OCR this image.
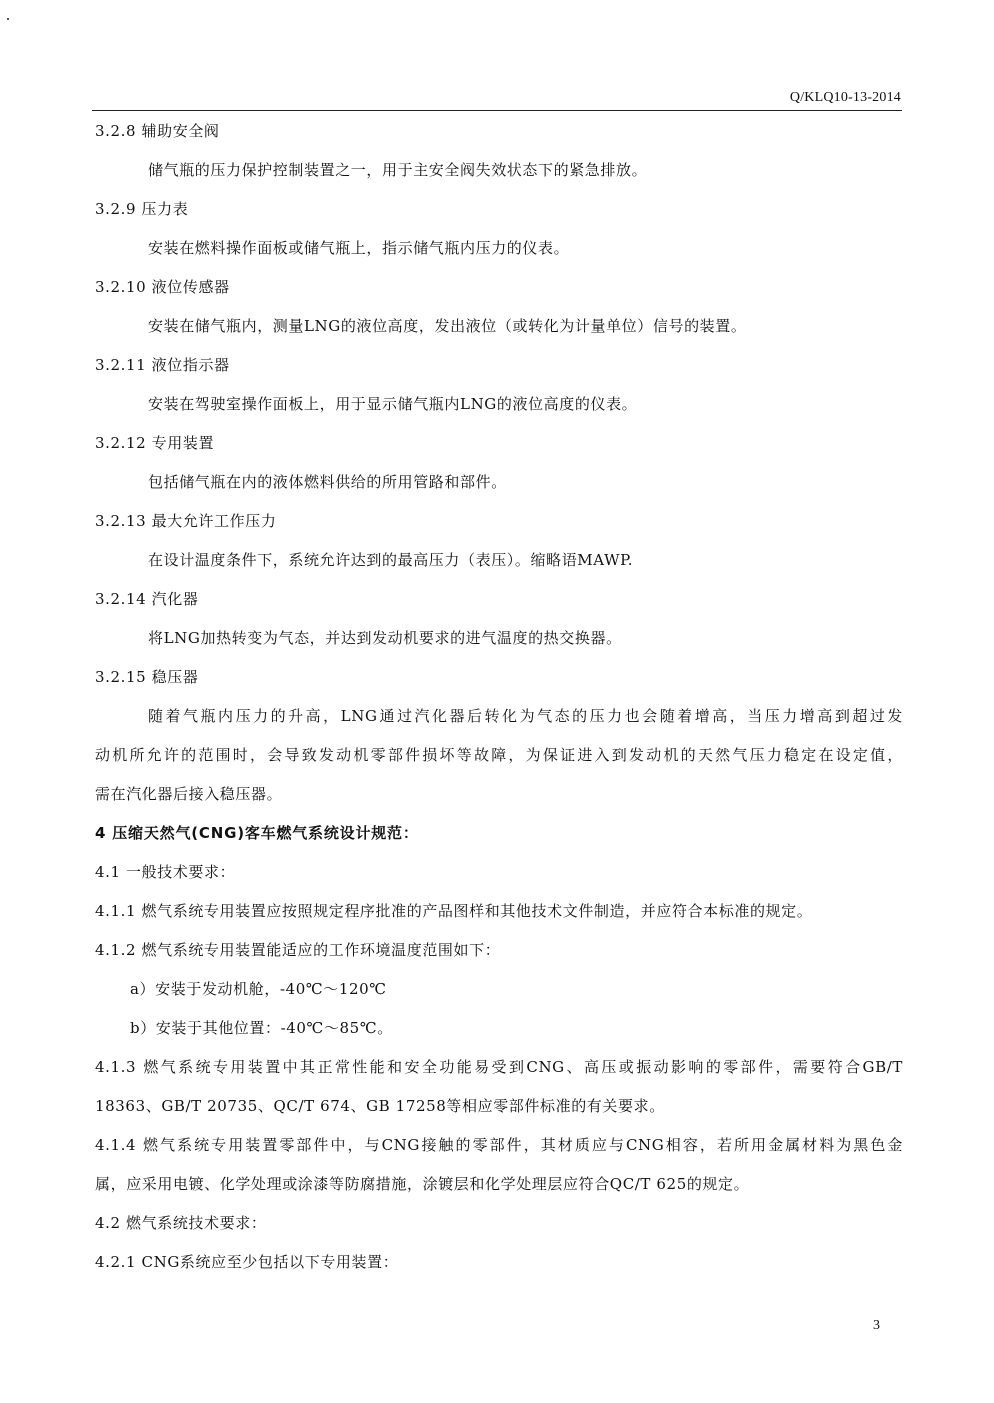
Q/KLQ10-13-2014
3.2.8 辅助安全阀
储气瓶的压力保护控制装置之一，用于主安全阀失效状态下的紧急排放。
3.2.9 压力表
安装在燃料操作面板或储气瓶上，指示储气瓶内压力的仪表。
3.2.10 液位传感器
安装在储气瓶内，测量LNG的液位高度，发出液位（或转化为计量单位）信号的装置。
3.2.11 液位指示器
安装在驾驶室操作面板上，用于显示储气瓶内LNG的液位高度的仪表。
3.2.12 专用装置
包括储气瓶在内的液体燃料供给的所用管路和部件。
3.2.13 最大允许工作压力
在设计温度条件下，系统允许达到的最高压力（表压）。缩略语MAWP.
3.2.14 汽化器
将LNG加热转变为气态，并达到发动机要求的进气温度的热交换器。
3.2.15 稳压器
随着气瓶内压力的升高，LNG通过汽化器后转化为气态的压力也会随着增高，当压力增高到超过发
动机所允许的范围时，会导致发动机零部件损坏等故障，为保证进入到发动机的天然气压力稳定在设定值，
需在汽化器后接入稳压器。
4 压缩天然气(CNG)客车燃气系统设计规范：
4.1 一般技术要求：
4.1.1 燃气系统专用装置应按照规定程序批准的产品图样和其他技术文件制造，并应符合本标准的规定。
4.1.2 燃气系统专用装置能适应的工作环境温度范围如下：
a）安装于发动机舱，-40℃～120℃
b）安装于其他位置：-40℃～85℃。
4.1.3 燃气系统专用装置中其正常性能和安全功能易受到CNG、高压或振动影响的零部件，需要符合GB/T
18363、GB/T 20735、QC/T 674、GB 17258等相应零部件标准的有关要求。
4.1.4 燃气系统专用装置零部件中，与CNG接触的零部件，其材质应与CNG相容，若所用金属材料为黑色金
属，应采用电镀、化学处理或涂漆等防腐措施，涂镀层和化学处理层应符合QC/T 625的规定。
4.2 燃气系统技术要求：
4.2.1 CNG系统应至少包括以下专用装置：
3
